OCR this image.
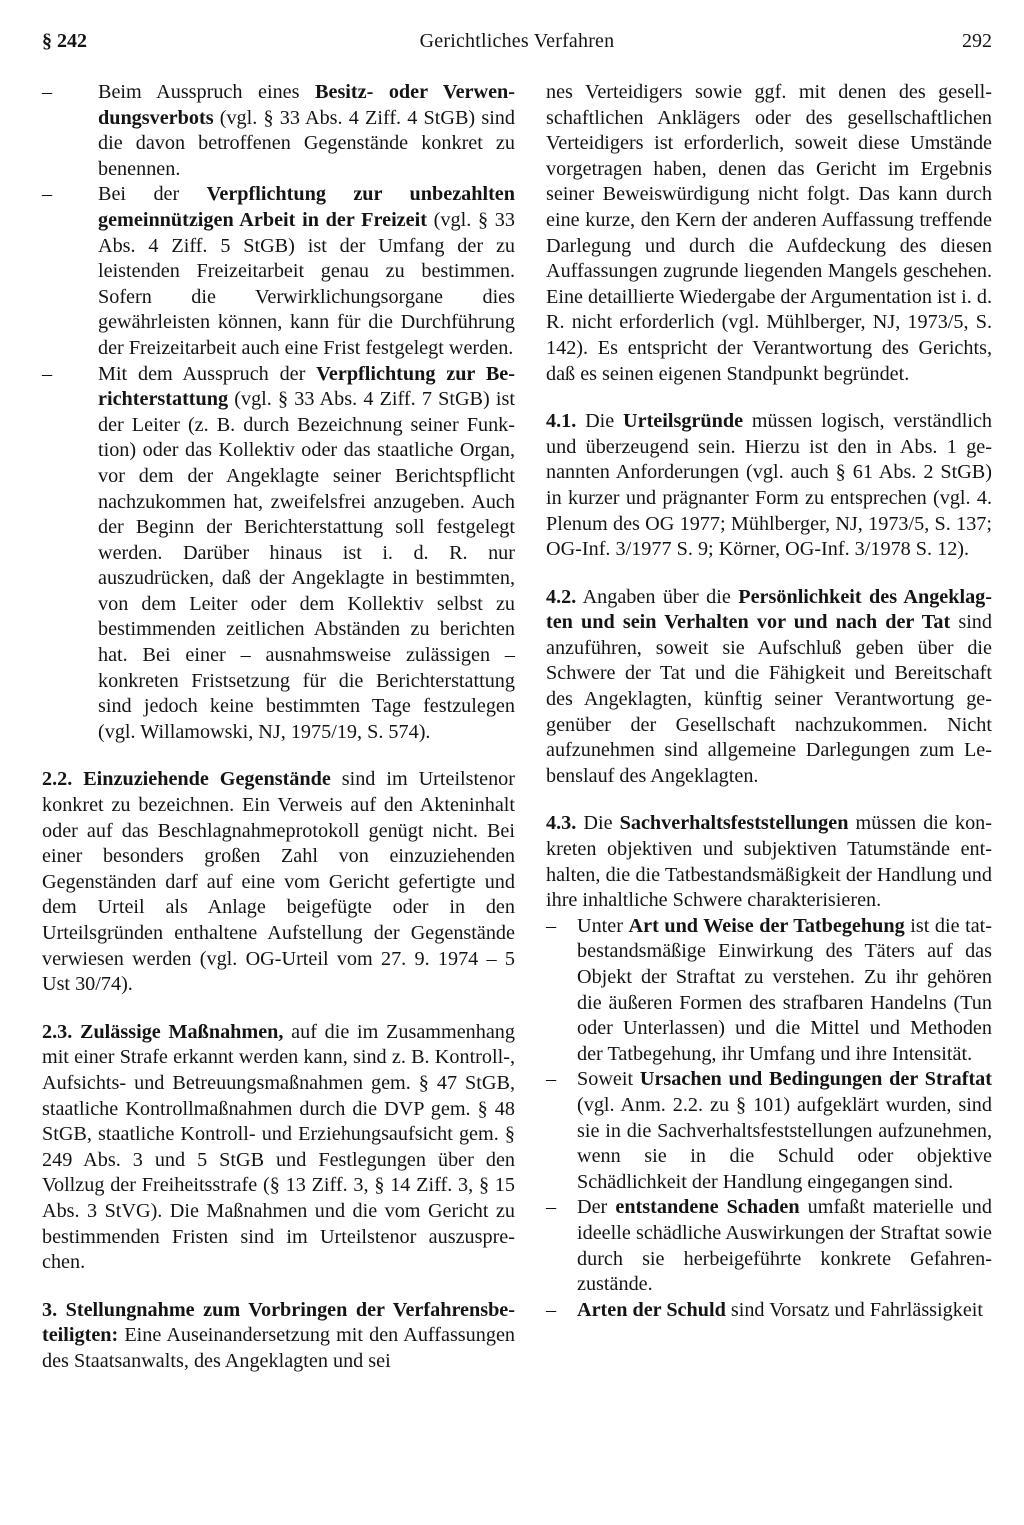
§ 242	Gerichtliches Verfahren	292
– Beim Ausspruch eines Besitz- oder Verwendungsverbots (vgl. § 33 Abs. 4 Ziff. 4 StGB) sind die davon betroffenen Gegenstände konkret zu benennen.
– Bei der Verpflichtung zur unbezahlten gemeinnützigen Arbeit in der Freizeit (vgl. § 33 Abs. 4 Ziff. 5 StGB) ist der Umfang der zu leistenden Freizeitarbeit genau zu bestimmen. Sofern die Verwirklichungsorgane dies gewährleisten können, kann für die Durchführung der Freizeitarbeit auch eine Frist festgelegt werden.
– Mit dem Ausspruch der Verpflichtung zur Berichterstattung (vgl. § 33 Abs. 4 Ziff. 7 StGB) ist der Leiter (z. B. durch Bezeichnung seiner Funktion) oder das Kollektiv oder das staatliche Organ, vor dem der Angeklagte seiner Berichtspflicht nachzukommen hat, zweifelsfrei anzugeben. Auch der Beginn der Berichterstattung soll festgelegt werden. Darüber hinaus ist i. d. R. nur auszudrücken, daß der Angeklagte in bestimmten, von dem Leiter oder dem Kollektiv selbst zu bestimmenden zeitlichen Abständen zu berichten hat. Bei einer – ausnahmsweise zulässigen – konkreten Fristsetzung für die Berichterstattung sind jedoch keine bestimmten Tage festzulegen (vgl. Willamowski, NJ, 1975/19, S. 574).

2.2. Einzuziehende Gegenstände sind im Urteilstenor konkret zu bezeichnen. Ein Verweis auf den Akteninhalt oder auf das Beschlagnahmeprotokoll genügt nicht. Bei einer besonders großen Zahl von einzuziehenden Gegenständen darf auf eine vom Gericht gefertigte und dem Urteil als Anlage beigefügte oder in den Urteilsgründen enthaltene Aufstellung der Gegenstände verwiesen werden (vgl. OG-Urteil vom 27. 9. 1974 – 5 Ust 30/74).

2.3. Zulässige Maßnahmen, auf die im Zusammenhang mit einer Strafe erkannt werden kann, sind z. B. Kontroll-, Aufsichts- und Betreuungsmaßnahmen gem. § 47 StGB, staatliche Kontrollmaßnahmen durch die DVP gem. § 48 StGB, staatliche Kontroll- und Erziehungsaufsicht gem. § 249 Abs. 3 und 5 StGB und Festlegungen über den Vollzug der Freiheitsstrafe (§ 13 Ziff. 3, § 14 Ziff. 3, § 15 Abs. 3 StVG). Die Maßnahmen und die vom Gericht zu bestimmenden Fristen sind im Urteilstenor auszusprechen.

3. Stellungnahme zum Vorbringen der Verfahrensbeteiligten: Eine Auseinandersetzung mit den Auffassungen des Staatsanwalts, des Angeklagten und sei

nes Verteidigers sowie ggf. mit denen des gesellschaftlichen Anklägers oder des gesellschaftlichen Verteidigers ist erforderlich, soweit diese Umstände vorgetragen haben, denen das Gericht im Ergebnis seiner Beweiswürdigung nicht folgt. Das kann durch eine kurze, den Kern der anderen Auffassung treffende Darlegung und durch die Aufdeckung des diesen Auffassungen zugrunde liegenden Mangels geschehen. Eine detaillierte Wiedergabe der Argumentation ist i. d. R. nicht erforderlich (vgl. Mühlberger, NJ, 1973/5, S. 142). Es entspricht der Verantwortung des Gerichts, daß es seinen eigenen Standpunkt begründet.

4.1. Die Urteilsgründe müssen logisch, verständlich und überzeugend sein. Hierzu ist den in Abs. 1 genannten Anforderungen (vgl. auch § 61 Abs. 2 StGB) in kurzer und prägnanter Form zu entsprechen (vgl. 4. Plenum des OG 1977; Mühlberger, NJ, 1973/5, S. 137; OG-Inf. 3/1977 S. 9; Körner, OG-Inf. 3/1978 S. 12).

4.2. Angaben über die Persönlichkeit des Angeklagten und sein Verhalten vor und nach der Tat sind anzuführen, soweit sie Aufschluß geben über die Schwere der Tat und die Fähigkeit und Bereitschaft des Angeklagten, künftig seiner Verantwortung gegenüber der Gesellschaft nachzukommen. Nicht aufzunehmen sind allgemeine Darlegungen zum Lebenslauf des Angeklagten.

4.3. Die Sachverhaltsfeststellungen müssen die konkreten objektiven und subjektiven Tatumstände enthalten, die die Tatbestandsmäßigkeit der Handlung und ihre inhaltliche Schwere charakterisieren.

– Unter Art und Weise der Tatbegehung ist die tatbestandsmäßige Einwirkung des Täters auf das Objekt der Straftat zu verstehen. Zu ihr gehören die äußeren Formen des strafbaren Handelns (Tun oder Unterlassen) und die Mittel und Methoden der Tatbegehung, ihr Umfang und ihre Intensität.
– Soweit Ursachen und Bedingungen der Straftat (vgl. Anm. 2.2. zu § 101) aufgeklärt wurden, sind sie in die Sachverhaltsfeststellungen aufzunehmen, wenn sie in die Schuld oder objektive Schädlichkeit der Handlung eingegangen sind.
– Der entstandene Schaden umfaßt materielle und ideelle schädliche Auswirkungen der Straftat sowie durch sie herbeigeführte konkrete Gefahrenzustände.
– Arten der Schuld sind Vorsatz und Fahrlässigkeit
